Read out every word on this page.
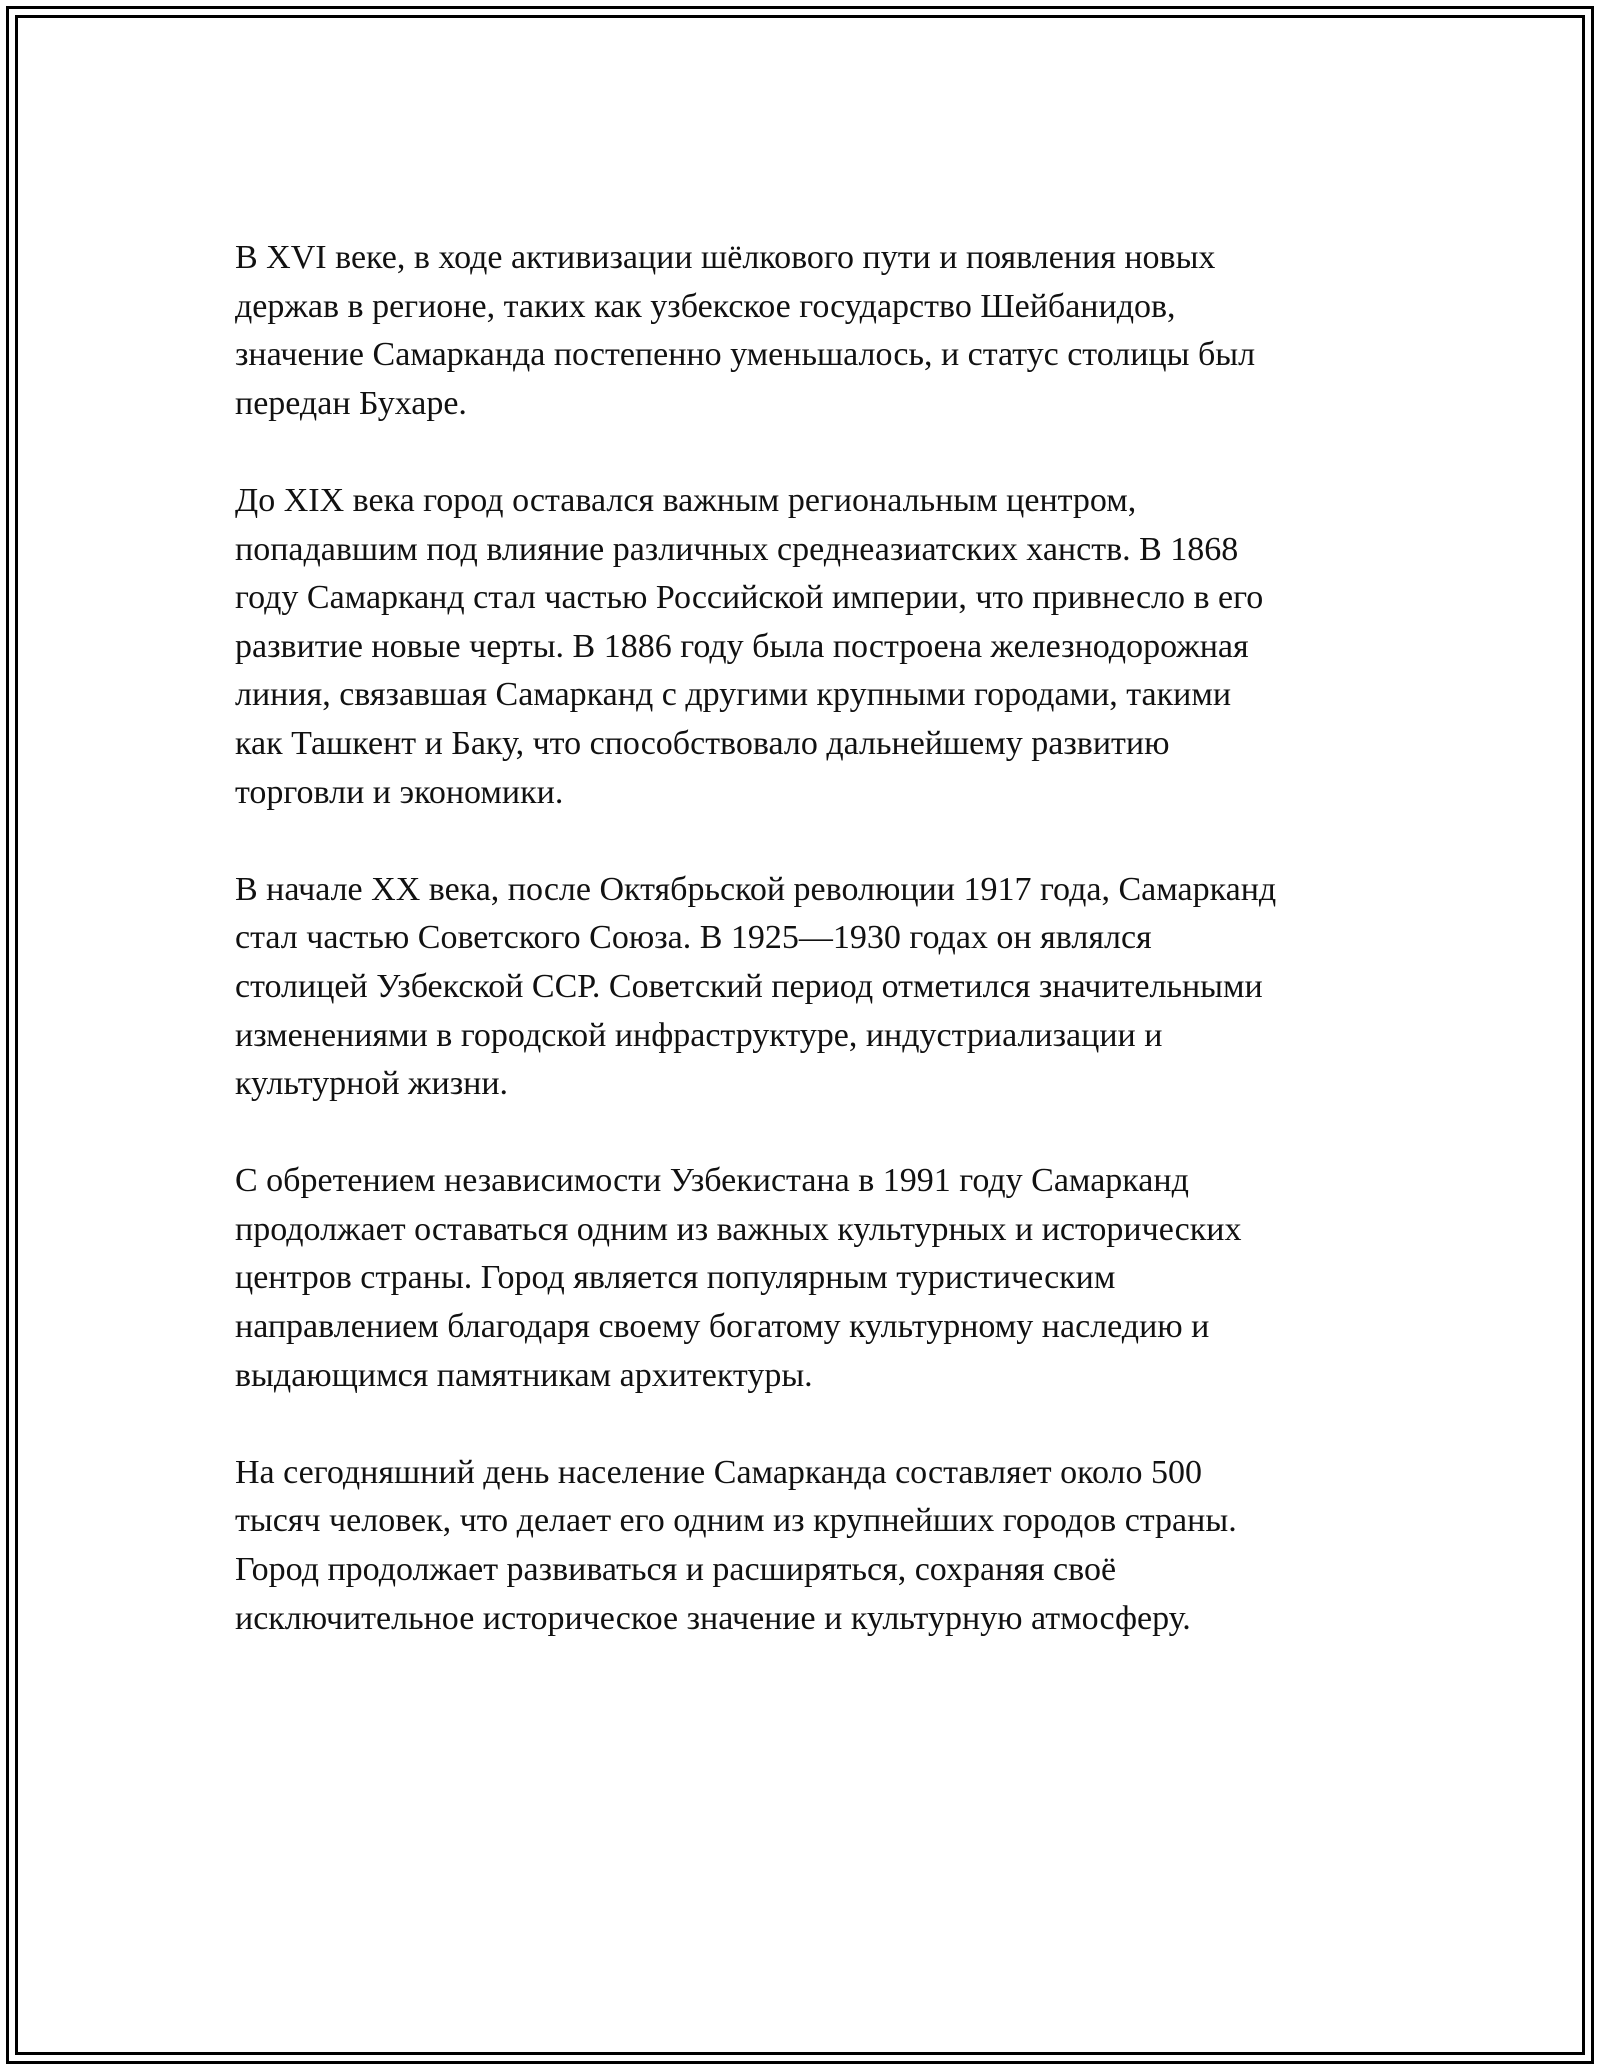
В XVI веке, в ходе активизации шёлкового пути и появления новых
держав в регионе, таких как узбекское государство Шейбанидов,
значение Самарканда постепенно уменьшалось, и статус столицы был
передан Бухаре.

До XIX века город оставался важным региональным центром,
попадавшим под влияние различных среднеазиатских ханств. В 1868
году Самарканд стал частью Российской империи, что привнесло в его
развитие новые черты. В 1886 году была построена железнодорожная
линия, связавшая Самарканд с другими крупными городами, такими
как Ташкент и Баку, что способствовало дальнейшему развитию
торговли и экономики.

В начале XX века, после Октябрьской революции 1917 года, Самарканд
стал частью Советского Союза. В 1925—1930 годах он являлся
столицей Узбекской ССР. Советский период отметился значительными
изменениями в городской инфраструктуре, индустриализации и
культурной жизни.

С обретением независимости Узбекистана в 1991 году Самарканд
продолжает оставаться одним из важных культурных и исторических
центров страны. Город является популярным туристическим
направлением благодаря своему богатому культурному наследию и
выдающимся памятникам архитектуры.

На сегодняшний день население Самарканда составляет около 500
тысяч человек, что делает его одним из крупнейших городов страны.
Город продолжает развиваться и расширяться, сохраняя своё
исключительное историческое значение и культурную атмосферу.
